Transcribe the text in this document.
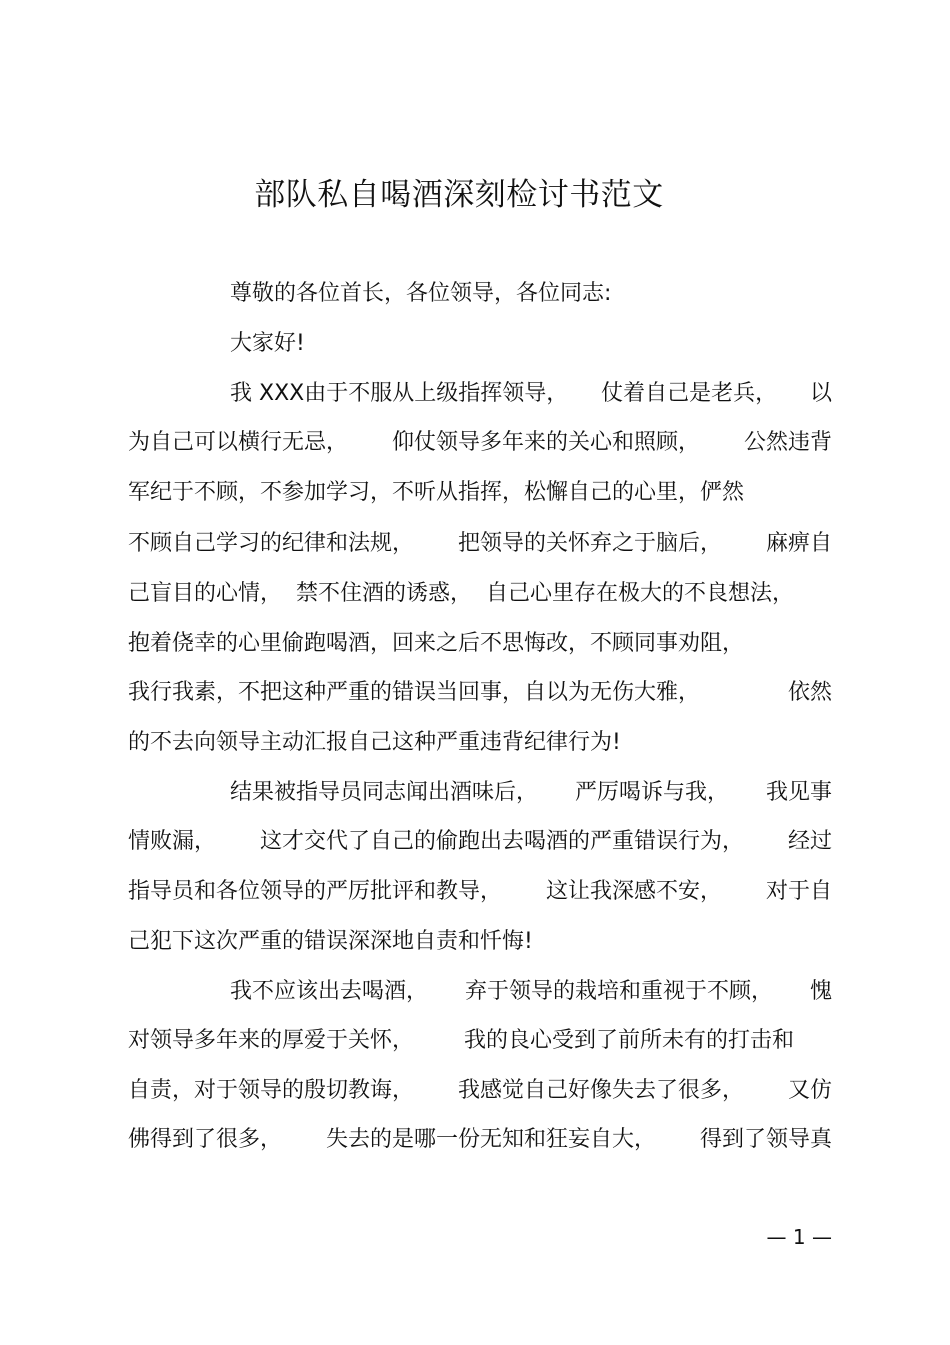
部队私自喝酒深刻检讨书范文
尊敬的各位首长，各位领导，各位同志:
大家好!
我 XXX由于不服从上级指挥领导， 仗着自己是老兵， 以
为自己可以横行无忌， 仰仗领导多年来的关心和照顾， 公然违背
军纪于不顾，不参加学习，不听从指挥，松懈自己的心里，俨然
不顾自己学习的纪律和法规， 把领导的关怀弃之于脑后， 麻痹自
己盲目的心情， 禁不住酒的诱惑， 自己心里存在极大的不良想法，
抱着侥幸的心里偷跑喝酒，回来之后不思悔改，不顾同事劝阻，
我行我素，不把这种严重的错误当回事，自以为无伤大雅，	依然
的不去向领导主动汇报自己这种严重违背纪律行为!
结果被指导员同志闻出酒味后， 严厉喝诉与我， 我见事
情败漏， 这才交代了自己的偷跑出去喝酒的严重错误行为， 经过
指导员和各位领导的严厉批评和教导， 这让我深感不安， 对于自
己犯下这次严重的错误深深地自责和忏悔!
我不应该出去喝酒， 弃于领导的栽培和重视于不顾， 愧
对领导多年来的厚爱于关怀， 我的良心受到了前所未有的打击和
自责，对于领导的殷切教诲， 我感觉自己好像失去了很多， 又仿
佛得到了很多， 失去的是哪一份无知和狂妄自大， 得到了领导真
— 1 —
